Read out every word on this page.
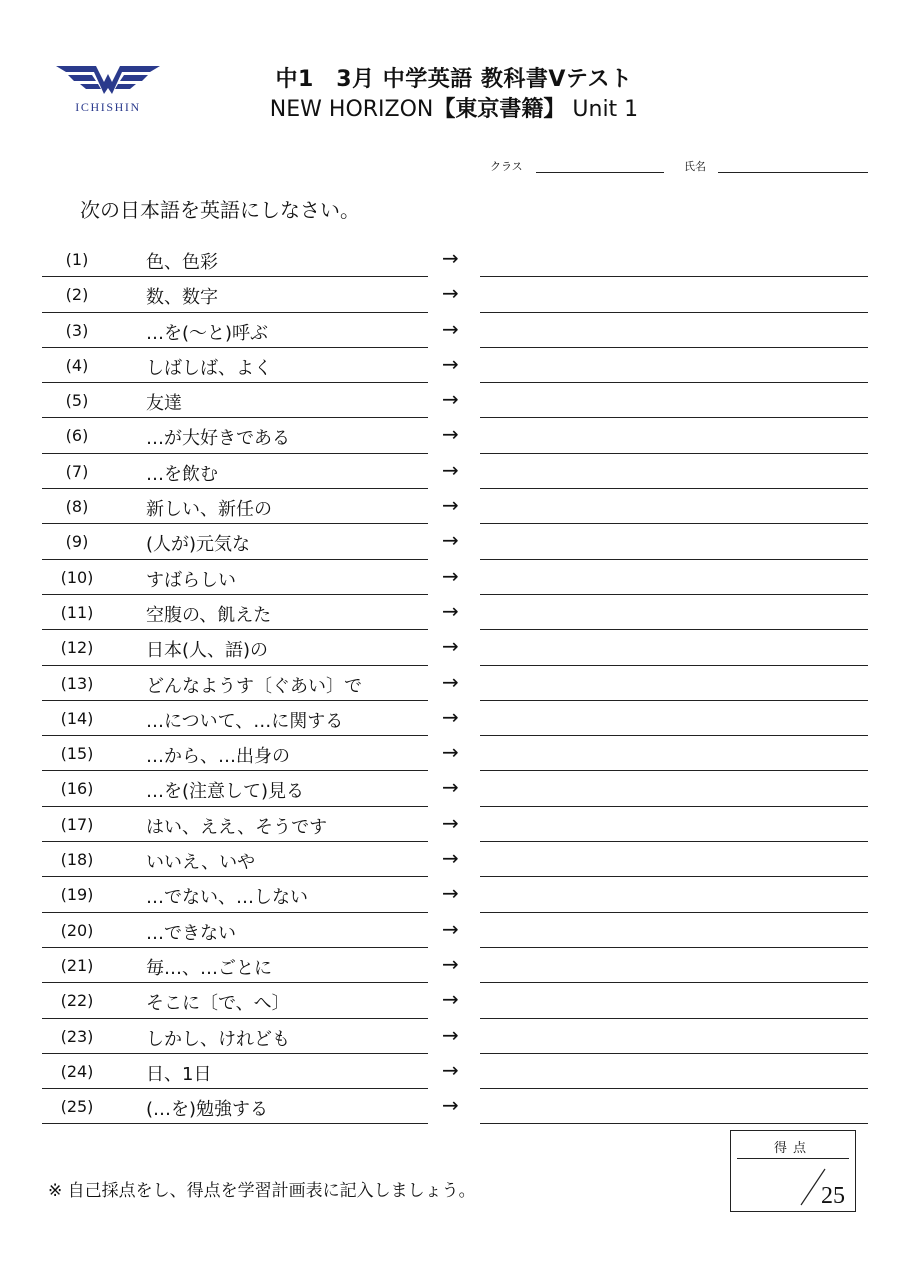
ICHISHIN
中1　3月 中学英語 教科書Vテスト
NEW HORIZON【東京書籍】 Unit 1
クラス	氏名
次の日本語を英語にしなさい。
(1)	色、色彩	→
(2)	数、数字	→
(3)	…を(～と)呼ぶ	→
(4)	しばしば、よく	→
(5)	友達	→
(6)	…が大好きである	→
(7)	…を飲む	→
(8)	新しい、新任の	→
(9)	(人が)元気な	→
(10)	すばらしい	→
(11)	空腹の、飢えた	→
(12)	日本(人、語)の	→
(13)	どんなようす〔ぐあい〕で	→
(14)	…について、…に関する	→
(15)	…から、…出身の	→
(16)	…を(注意して)見る	→
(17)	はい、ええ、そうです	→
(18)	いいえ、いや	→
(19)	…でない、…しない	→
(20)	…できない	→
(21)	毎…、…ごとに	→
(22)	そこに〔で、へ〕	→
(23)	しかし、けれども	→
(24)	日、1日	→
(25)	(…を)勉強する	→
※ 自己採点をし、得点を学習計画表に記入しましょう。
得点
25
